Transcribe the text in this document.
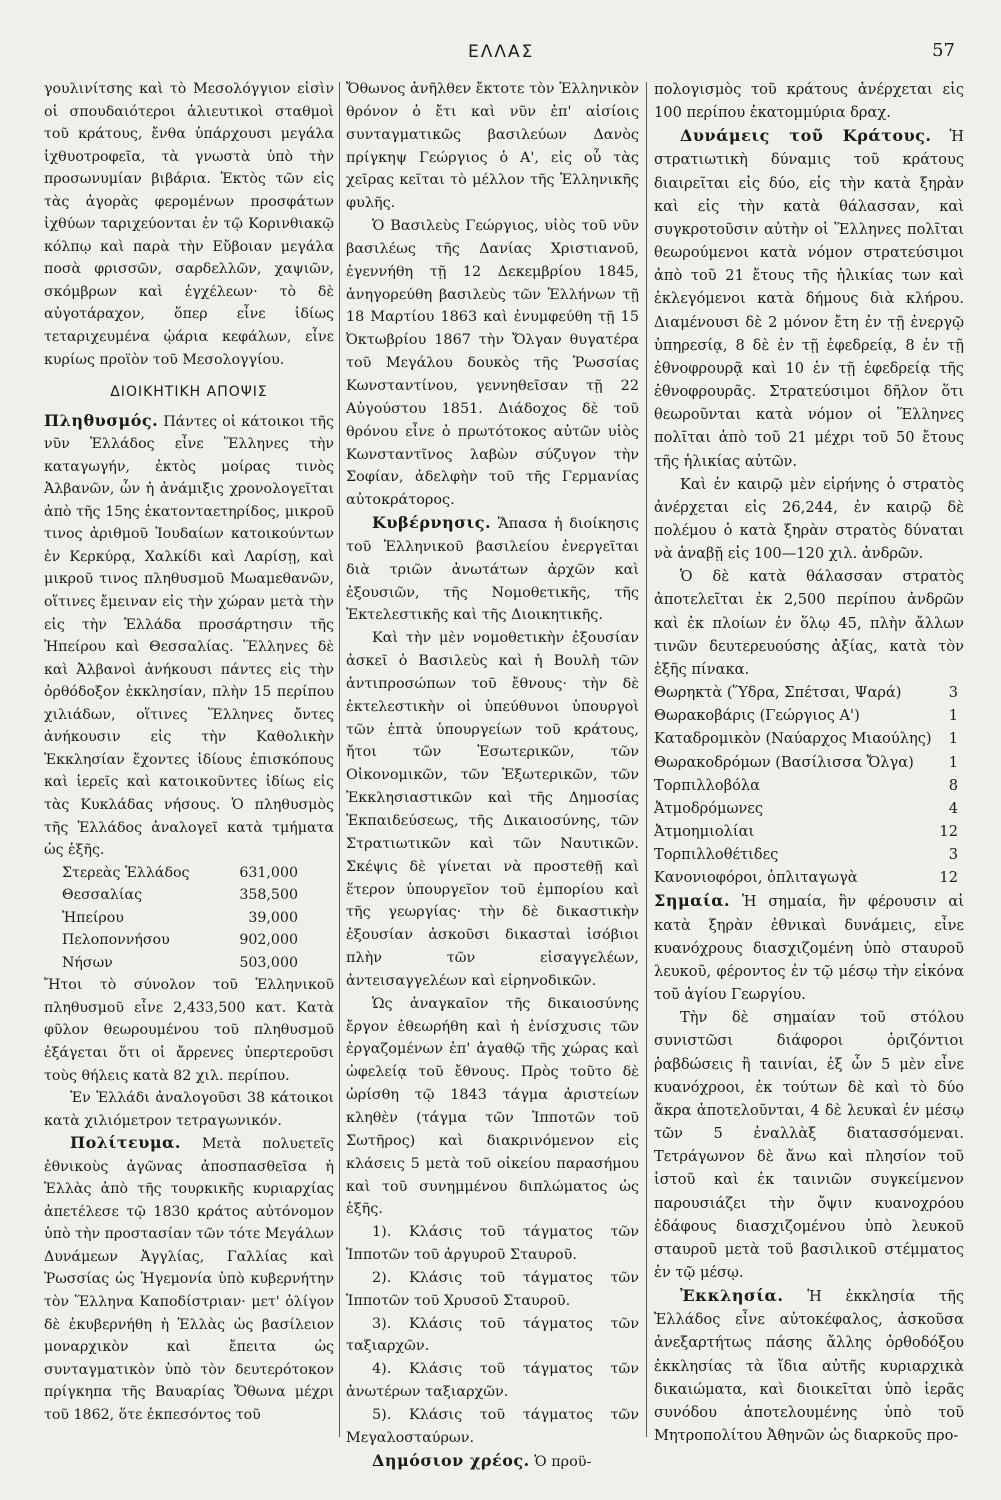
ΕΛΛΑΣ	57

γουλινίτσης καὶ τὸ Μεσολόγγιον εἰσὶν οἱ σπουδαιότεροι ἁλιευτικοὶ σταθμοὶ τοῦ κράτους, ἔνθα ὑπάρχουσι μεγάλα ἰχθυοτροφεῖα, τὰ γνωστὰ ὑπὸ τὴν προσωνυμίαν βιβάρια. Ἐκτὸς τῶν εἰς τὰς ἀγορὰς φερομένων προσφάτων ἰχθύων ταριχεύονται ἐν τῷ Κορινθιακῷ κόλπῳ καὶ παρὰ τὴν Εὔβοιαν μεγάλα ποσὰ φρισσῶν, σαρδελλῶν, χαψιῶν, σκόμβρων καὶ ἐγχέλεων· τὸ δὲ αὐγοτάραχον, ὅπερ εἶνε ἰδίως τεταριχευμένα ᾠάρια κεφάλων, εἶνε κυρίως προϊὸν τοῦ Μεσολογγίου.

ΔΙΟΙΚΗΤΙΚΗ ΑΠΟΨΙΣ

Πληθυσμός. Πάντες οἱ κάτοικοι τῆς νῦν Ἑλλάδος εἶνε Ἕλληνες τὴν καταγωγήν, ἐκτὸς μοίρας τινὸς Ἀλβανῶν, ὧν ἡ ἀνάμιξις χρονολογεῖται ἀπὸ τῆς 15ης ἑκατονταετηρίδος, μικροῦ τινος ἀριθμοῦ Ἰουδαίων κατοικούντων ἐν Κερκύρᾳ, Χαλκίδι καὶ Λαρίσῃ, καὶ μικροῦ τινος πληθυσμοῦ Μωαμεθανῶν, οἵτινες ἔμειναν εἰς τὴν χώραν μετὰ τὴν εἰς τὴν Ἑλλάδα προσάρτησιν τῆς Ἠπείρου καὶ Θεσσαλίας. Ἕλληνες δὲ καὶ Ἀλβανοὶ ἀνήκουσι πάντες εἰς τὴν ὀρθόδοξον ἐκκλησίαν, πλὴν 15 περίπου χιλιάδων, οἵτινες Ἕλληνες ὄντες ἀνήκουσιν εἰς τὴν Καθολικὴν Ἐκκλησίαν ἔχοντες ἰδίους ἐπισκόπους καὶ ἱερεῖς καὶ κατοικοῦντες ἰδίως εἰς τὰς Κυκλάδας νήσους. Ὁ πληθυσμὸς τῆς Ἑλλάδος ἀναλογεῖ κατὰ τμήματα ὡς ἑξῆς.

Στερεὰς Ἑλλάδος	631,000
Θεσσαλίας	358,500
Ἠπείρου	39,000
Πελοποννήσου	902,000
Νήσων	503,000

Ἤτοι τὸ σύνολον τοῦ Ἑλληνικοῦ πληθυσμοῦ εἶνε 2,433,500 κατ. Κατὰ φῦλον θεωρουμένου τοῦ πληθυσμοῦ ἐξάγεται ὅτι οἱ ἄρρενες ὑπερτεροῦσι τοὺς θήλεις κατὰ 82 χιλ. περίπου.

Ἐν Ἑλλάδι ἀναλογοῦσι 38 κάτοικοι κατὰ χιλιόμετρον τετραγωνικόν.

Πολίτευμα. Μετὰ πολυετεῖς ἐθνικοὺς ἀγῶνας ἀποσπασθεῖσα ἡ Ἑλλὰς ἀπὸ τῆς τουρκικῆς κυριαρχίας ἀπετέλεσε τῷ 1830 κράτος αὐτόνομον ὑπὸ τὴν προστασίαν τῶν τότε Μεγάλων Δυνάμεων Ἀγγλίας, Γαλλίας καὶ Ῥωσσίας ὡς Ἡγεμονία ὑπὸ κυβερνήτην τὸν Ἕλληνα Καποδίστριαν· μετ' ὀλίγον δὲ ἐκυβερνήθη ἡ Ἑλλὰς ὡς βασίλειον μοναρχικὸν καὶ ἔπειτα ὡς συνταγματικὸν ὑπὸ τὸν δευτερότοκον πρίγκηπα τῆς Βαυαρίας Ὄθωνα μέχρι τοῦ 1862, ὅτε ἐκπεσόντος τοῦ

Ὄθωνος ἀνῆλθεν ἔκτοτε τὸν Ἑλληνικὸν θρόνον ὁ ἔτι καὶ νῦν ἐπ' αἰσίοις συνταγματικῶς βασιλεύων Δανὸς πρίγκηψ Γεώργιος ὁ Α', εἰς οὗ τὰς χεῖρας κεῖται τὸ μέλλον τῆς Ἑλληνικῆς φυλῆς.

Ὁ Βασιλεὺς Γεώργιος, υἱὸς τοῦ νῦν βασιλέως τῆς Δανίας Χριστιανοῦ, ἐγεννήθη τῇ 12 Δεκεμβρίου 1845, ἀνηγορεύθη βασιλεὺς τῶν Ἑλλήνων τῇ 18 Μαρτίου 1863 καὶ ἐνυμφεύθη τῇ 15 Ὀκτωβρίου 1867 τὴν Ὄλγαν θυγατέρα τοῦ Μεγάλου δουκὸς τῆς Ῥωσσίας Κωνσταντίνου, γεννηθεῖσαν τῇ 22 Αὐγούστου 1851. Διάδοχος δὲ τοῦ θρόνου εἶνε ὁ πρωτότοκος αὐτῶν υἱὸς Κωνσταντῖνος λαβὼν σύζυγον τὴν Σοφίαν, ἀδελφὴν τοῦ τῆς Γερμανίας αὐτοκράτορος.

Κυβέρνησις. Ἅπασα ἡ διοίκησις τοῦ Ἑλληνικοῦ βασιλείου ἐνεργεῖται διὰ τριῶν ἀνωτάτων ἀρχῶν καὶ ἐξουσιῶν, τῆς Νομοθετικῆς, τῆς Ἐκτελεστικῆς καὶ τῆς Διοικητικῆς.

Καὶ τὴν μὲν νομοθετικὴν ἐξουσίαν ἀσκεῖ ὁ Βασιλεὺς καὶ ἡ Βουλὴ τῶν ἀντιπροσώπων τοῦ ἔθνους· τὴν δὲ ἐκτελεστικὴν οἱ ὑπεύθυνοι ὑπουργοὶ τῶν ἑπτὰ ὑπουργείων τοῦ κράτους, ἤτοι τῶν Ἐσωτερικῶν, τῶν Οἰκονομικῶν, τῶν Ἐξωτερικῶν, τῶν Ἐκκλησιαστικῶν καὶ τῆς Δημοσίας Ἐκπαιδεύσεως, τῆς Δικαιοσύνης, τῶν Στρατιωτικῶν καὶ τῶν Ναυτικῶν. Σκέψις δὲ γίνεται νὰ προστεθῇ καὶ ἕτερον ὑπουργεῖον τοῦ ἐμπορίου καὶ τῆς γεωργίας· τὴν δὲ δικαστικὴν ἐξουσίαν ἀσκοῦσι δικασταὶ ἰσόβιοι πλὴν τῶν εἰσαγγελέων, ἀντεισαγγελέων καὶ εἰρηνοδικῶν.

Ὡς ἀναγκαῖον τῆς δικαιοσύνης ἔργον ἐθεωρήθη καὶ ἡ ἐνίσχυσις τῶν ἐργαζομένων ἐπ' ἀγαθῷ τῆς χώρας καὶ ὠφελείᾳ τοῦ ἔθνους. Πρὸς τοῦτο δὲ ὡρίσθη τῷ 1843 τάγμα ἀριστείων κληθὲν (τάγμα τῶν Ἱπποτῶν τοῦ Σωτῆρος) καὶ διακρινόμενον εἰς κλάσεις 5 μετὰ τοῦ οἰκείου παρασήμου καὶ τοῦ συνημμένου διπλώματος ὡς ἑξῆς.

1). Κλάσις τοῦ τάγματος τῶν Ἱπποτῶν τοῦ ἀργυροῦ Σταυροῦ.

2). Κλάσις τοῦ τάγματος τῶν Ἱπποτῶν τοῦ Χρυσοῦ Σταυροῦ.

3). Κλάσις τοῦ τάγματος τῶν ταξιαρχῶν.

4). Κλάσις τοῦ τάγματος τῶν ἀνωτέρων ταξιαρχῶν.

5). Κλάσις τοῦ τάγματος τῶν Μεγαλοσταύρων.

Δημόσιον χρέος. Ὁ προϋ-

πολογισμὸς τοῦ κράτους ἀνέρχεται εἰς 100 περίπου ἑκατομμύρια δραχ.

Δυνάμεις τοῦ Κράτους. Ἡ στρατιωτικὴ δύναμις τοῦ κράτους διαιρεῖται εἰς δύο, εἰς τὴν κατὰ ξηρὰν καὶ εἰς τὴν κατὰ θάλασσαν, καὶ συγκροτοῦσιν αὐτὴν οἱ Ἕλληνες πολῖται θεωρούμενοι κατὰ νόμον στρατεύσιμοι ἀπὸ τοῦ 21 ἔτους τῆς ἡλικίας των καὶ ἐκλεγόμενοι κατὰ δήμους διὰ κλήρου. Διαμένουσι δὲ 2 μόνον ἔτη ἐν τῇ ἐνεργῷ ὑπηρεσίᾳ, 8 δὲ ἐν τῇ ἐφεδρείᾳ, 8 ἐν τῇ ἐθνοφρουρᾷ καὶ 10 ἐν τῇ ἐφεδρείᾳ τῆς ἐθνοφρουρᾶς. Στρατεύσιμοι δῆλον ὅτι θεωροῦνται κατὰ νόμον οἱ Ἕλληνες πολῖται ἀπὸ τοῦ 21 μέχρι τοῦ 50 ἔτους τῆς ἡλικίας αὐτῶν.

Καὶ ἐν καιρῷ μὲν εἰρήνης ὁ στρατὸς ἀνέρχεται εἰς 26,244, ἐν καιρῷ δὲ πολέμου ὁ κατὰ ξηρὰν στρατὸς δύναται νὰ ἀναβῇ εἰς 100—120 χιλ. ἀνδρῶν.

Ὁ δὲ κατὰ θάλασσαν στρατὸς ἀποτελεῖται ἐκ 2,500 περίπου ἀνδρῶν καὶ ἐκ πλοίων ἐν ὅλῳ 45, πλὴν ἄλλων τινῶν δευτερευούσης ἀξίας, κατὰ τὸν ἑξῆς πίνακα.

Θωρηκτὰ (Ὕδρα, Σπέτσαι, Ψαρά)	3
Θωρακοβάρις (Γεώργιος Α')	1
Καταδρομικὸν (Ναύαρχος Μιαούλης) 1
Θωρακοδρόμων (Βασίλισσα Ὄλγα) 1
Τορπιλλοβόλα	8
Ἀτμοδρόμωνες	4
Ἀτμοημιολίαι	12
Τορπιλλοθέτιδες	3
Κανονιοφόροι, ὁπλιταγωγὰ	12

Σημαία. Ἡ σημαία, ἣν φέρουσιν αἱ κατὰ ξηρὰν ἐθνικαὶ δυνάμεις, εἶνε κυανόχρους διασχιζομένη ὑπὸ σταυροῦ λευκοῦ, φέροντος ἐν τῷ μέσῳ τὴν εἰκόνα τοῦ ἁγίου Γεωργίου.

Τὴν δὲ σημαίαν τοῦ στόλου συνιστῶσι διάφοροι ὁριζόντιοι ῥαβδώσεις ἢ ταινίαι, ἐξ ὧν 5 μὲν εἶνε κυανόχροοι, ἐκ τούτων δὲ καὶ τὸ δύο ἄκρα ἀποτελοῦνται, 4 δὲ λευκαὶ ἐν μέσῳ τῶν 5 ἐναλλὰξ διατασσόμεναι. Τετράγωνον δὲ ἄνω καὶ πλησίον τοῦ ἱστοῦ καὶ ἐκ ταινιῶν συγκείμενον παρουσιάζει τὴν ὄψιν κυανοχρόου ἐδάφους διασχιζομένου ὑπὸ λευκοῦ σταυροῦ μετὰ τοῦ βασιλικοῦ στέμματος ἐν τῷ μέσῳ.

Ἐκκλησία. Ἡ ἐκκλησία τῆς Ἑλλάδος εἶνε αὐτοκέφαλος, ἀσκοῦσα ἀνεξαρτήτως πάσης ἄλλης ὀρθοδόξου ἐκκλησίας τὰ ἴδια αὐτῆς κυριαρχικὰ δικαιώματα, καὶ διοικεῖται ὑπὸ ἱερᾶς συνόδου ἀποτελουμένης ὑπὸ τοῦ Μητροπολίτου Ἀθηνῶν ὡς διαρκοῦς προ-
